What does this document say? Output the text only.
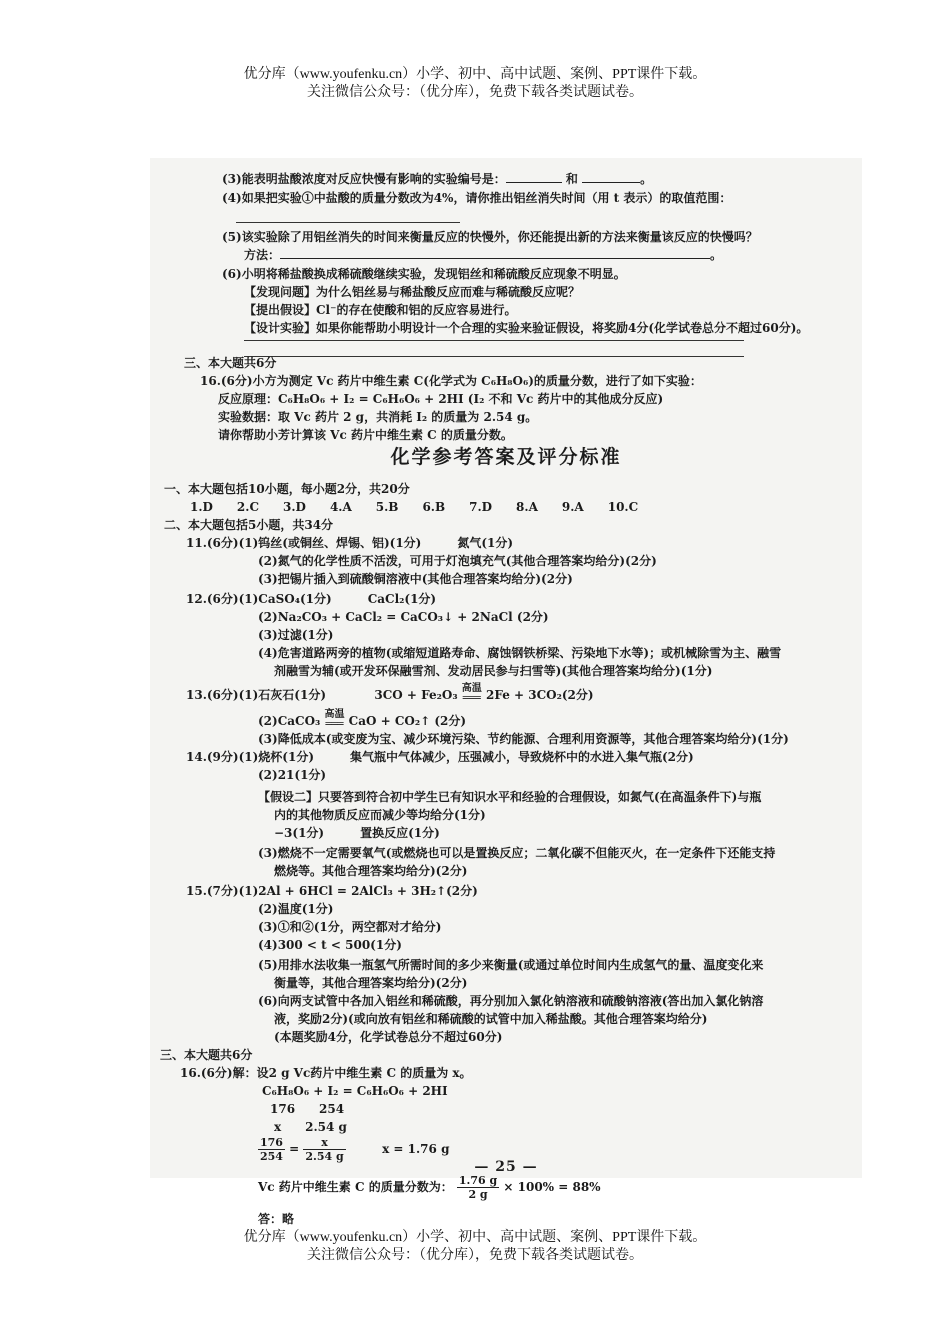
优分库（www.youfenku.cn）小学、初中、高中试题、案例、PPT课件下载。
关注微信公众号：（优分库），免费下载各类试题试卷。
(3)能表明盐酸浓度对反应快慢有影响的实验编号是：	和	。
(4)如果把实验①中盐酸的质量分数改为4%，请你推出铝丝消失时间（用 t 表示）的取值范围：
(5)该实验除了用铝丝消失的时间来衡量反应的快慢外，你还能提出新的方法来衡量该反应的快慢吗？
方法：	。
(6)小明将稀盐酸换成稀硫酸继续实验，发现铝丝和稀硫酸反应现象不明显。
【发现问题】为什么铝丝易与稀盐酸反应而难与稀硫酸反应呢？
【提出假设】Cl⁻的存在使酸和铝的反应容易进行。
【设计实验】如果你能帮助小明设计一个合理的实验来验证假设，将奖励4分(化学试卷总分不超过60分)。
三、本大题共6分
16.(6分)小方为测定 Vc 药片中维生素 C(化学式为 C₆H₈O₆)的质量分数，进行了如下实验：
反应原理：C₆H₈O₆ + I₂ = C₆H₆O₆ + 2HI (I₂ 不和 Vc 药片中的其他成分反应)
实验数据：取 Vc 药片 2 g，共消耗 I₂ 的质量为 2.54 g。
请你帮助小芳计算该 Vc 药片中维生素 C 的质量分数。
化学参考答案及评分标准
一、本大题包括10小题，每小题2分，共20分
1.D　　2.C　　3.D　　4.A　　5.B　　6.B　　7.D　　8.A　　9.A　　10.C
二、本大题包括5小题，共34分
11.(6分)(1)钨丝(或铜丝、焊锡、铝)(1分)　　　氮气(1分)
(2)氮气的化学性质不活泼，可用于灯泡填充气(其他合理答案均给分)(2分)
(3)把锡片插入到硫酸铜溶液中(其他合理答案均给分)(2分)
12.(6分)(1)CaSO₄(1分)　　　CaCl₂(1分)
(2)Na₂CO₃ + CaCl₂ = CaCO₃↓ + 2NaCl (2分)
(3)过滤(1分)
(4)危害道路两旁的植物(或缩短道路寿命、腐蚀钢铁桥梁、污染地下水等)；或机械除雪为主、融雪
剂融雪为辅(或开发环保融雪剂、发动居民参与扫雪等)(其他合理答案均给分)(1分)
13.(6分)(1)石灰石(1分)	3CO + Fe₂O₃ 高温
═══ 2Fe + 3CO₂(2分)
(2)CaCO₃ 高温
═══ CaO + CO₂↑ (2分)
(3)降低成本(或变废为宝、减少环境污染、节约能源、合理利用资源等，其他合理答案均给分)(1分)
14.(9分)(1)烧杯(1分)　　　集气瓶中气体减少，压强减小，导致烧杯中的水进入集气瓶(2分)
(2)21(1分)
【假设二】只要答到符合初中学生已有知识水平和经验的合理假设，如氮气(在高温条件下)与瓶
内的其他物质反应而减少等均给分(1分)
−3(1分)　　　置换反应(1分)
(3)燃烧不一定需要氧气(或燃烧也可以是置换反应；二氧化碳不但能灭火，在一定条件下还能支持
燃烧等。其他合理答案均给分)(2分)
15.(7分)(1)2Al + 6HCl = 2AlCl₃ + 3H₂↑(2分)
(2)温度(1分)
(3)①和②(1分，两空都对才给分)
(4)300 < t < 500(1分)
(5)用排水法收集一瓶氢气所需时间的多少来衡量(或通过单位时间内生成氢气的量、温度变化来
衡量等，其他合理答案均给分)(2分)
(6)向两支试管中各加入铝丝和稀硫酸，再分别加入氯化钠溶液和硫酸钠溶液(答出加入氯化钠溶
液，奖励2分)(或向放有铝丝和稀硫酸的试管中加入稀盐酸。其他合理答案均给分)
(本题奖励4分，化学试卷总分不超过60分)
三、本大题共6分
16.(6分)解：设2 g Vc药片中维生素 C 的质量为 x。
C₆H₈O₆ + I₂ = C₆H₆O₆ + 2HI
176　　254
x　　2.54 g
$\frac{176}{254} = \frac{x}{2.54 g}$	x = 1.76 g
Vc 药片中维生素 C 的质量分数为： $\frac{1.76 g}{2 g} \times 100\% = 88\%$
答：略
— 25 —
优分库（www.youfenku.cn）小学、初中、高中试题、案例、PPT课件下载。
关注微信公众号：（优分库），免费下载各类试题试卷。
